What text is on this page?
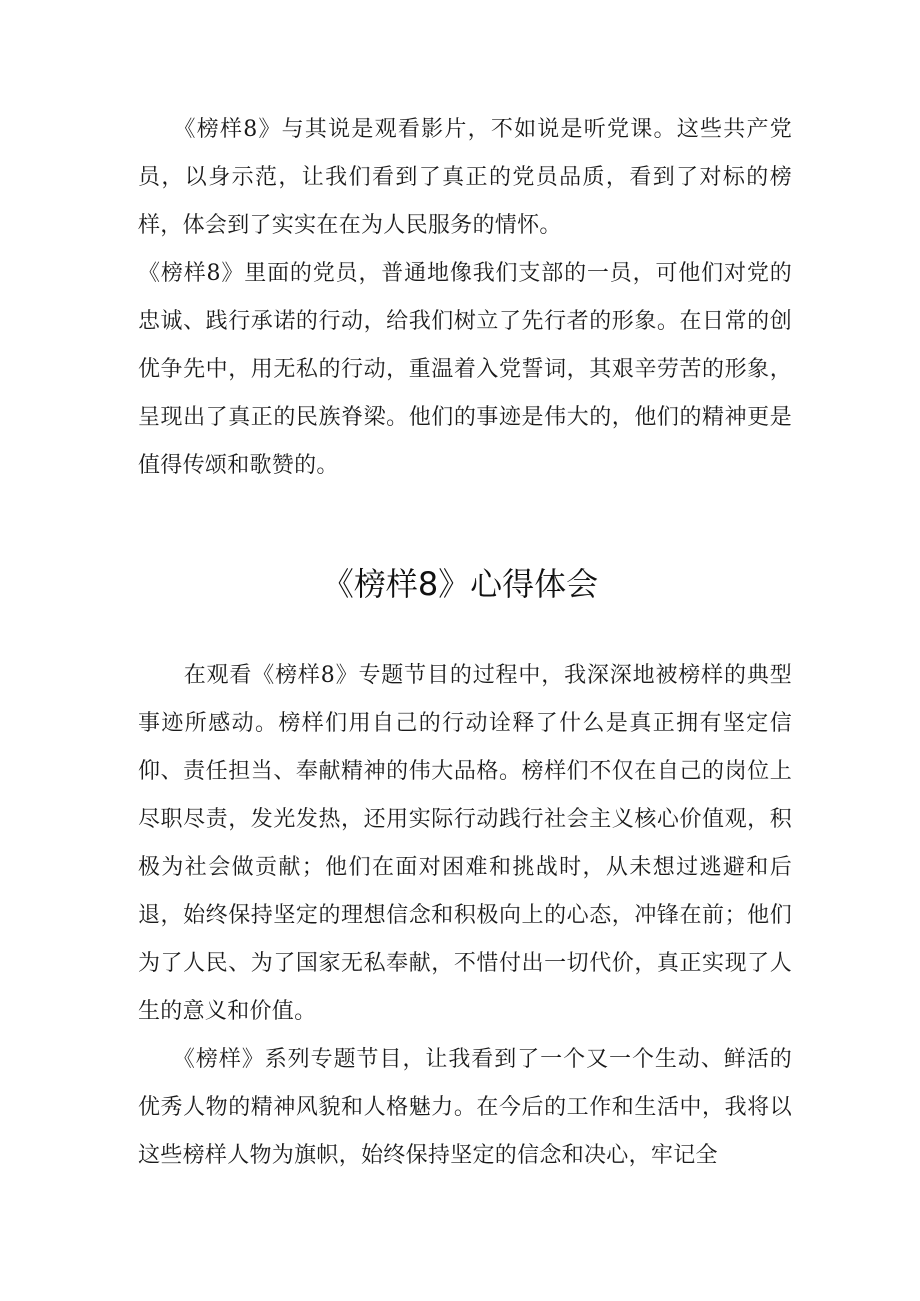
　　《榜样8》与其说是观看影片，不如说是听党课。这些共产党员，以身示范，让我们看到了真正的党员品质，看到了对标的榜样，体会到了实实在在为人民服务的情怀。

《榜样8》里面的党员，普通地像我们支部的一员，可他们对党的忠诚、践行承诺的行动，给我们树立了先行者的形象。在日常的创优争先中，用无私的行动，重温着入党誓词，其艰辛劳苦的形象，呈现出了真正的民族脊梁。他们的事迹是伟大的，他们的精神更是值得传颂和歌赞的。

《榜样8》心得体会

　　在观看《榜样8》专题节目的过程中，我深深地被榜样的典型事迹所感动。榜样们用自己的行动诠释了什么是真正拥有坚定信仰、责任担当、奉献精神的伟大品格。榜样们不仅在自己的岗位上尽职尽责，发光发热，还用实际行动践行社会主义核心价值观，积极为社会做贡献；他们在面对困难和挑战时，从未想过逃避和后退，始终保持坚定的理想信念和积极向上的心态，冲锋在前；他们为了人民、为了国家无私奉献，不惜付出一切代价，真正实现了人生的意义和价值。

　　《榜样》系列专题节目，让我看到了一个又一个生动、鲜活的优秀人物的精神风貌和人格魅力。在今后的工作和生活中，我将以这些榜样人物为旗帜，始终保持坚定的信念和决心，牢记全
